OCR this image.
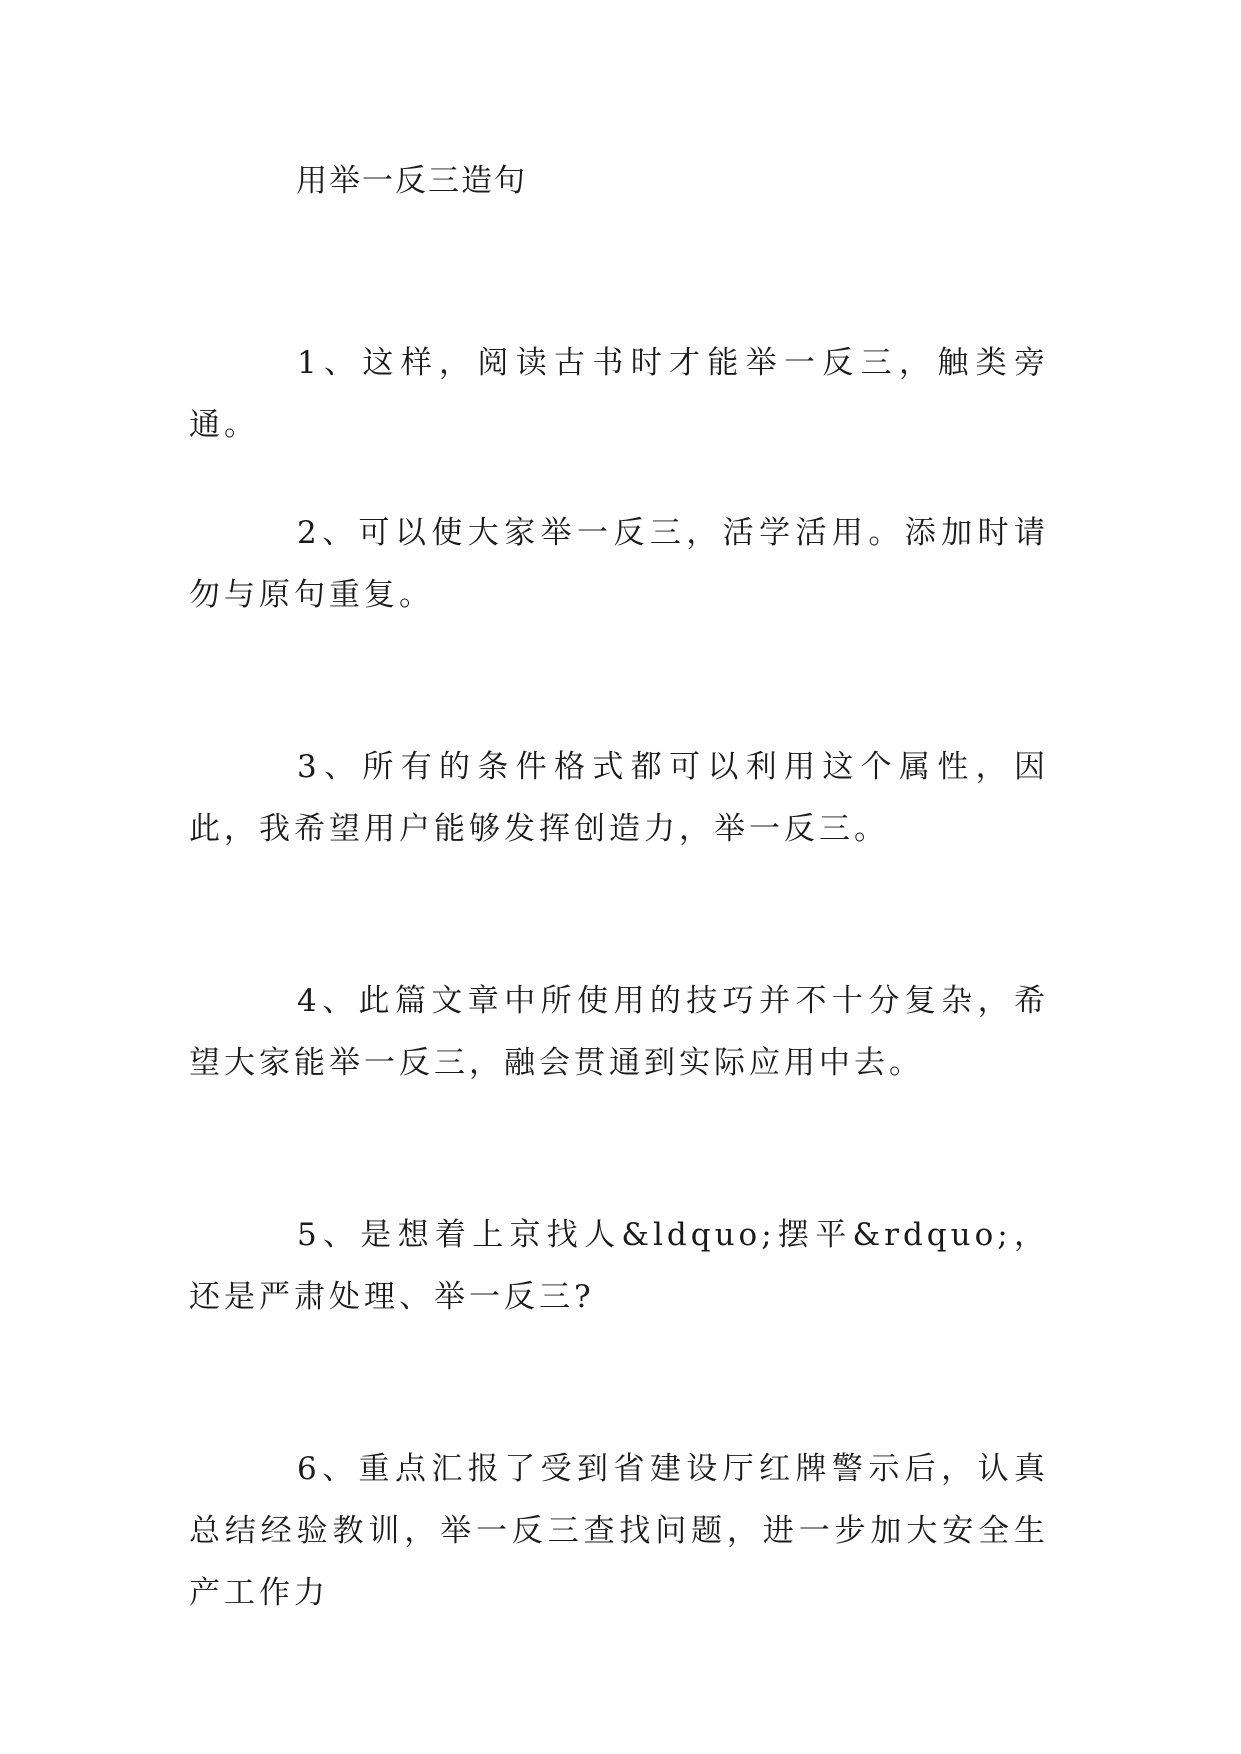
用举一反三造句

1、这样，阅读古书时才能举一反三，触类旁通。

2、可以使大家举一反三，活学活用。添加时请勿与原句重复。

3、所有的条件格式都可以利用这个属性，因此，我希望用户能够发挥创造力，举一反三。

4、此篇文章中所使用的技巧并不十分复杂，希望大家能举一反三，融会贯通到实际应用中去。

5、是想着上京找人&ldquo;摆平&rdquo;，还是严肃处理、举一反三?

6、重点汇报了受到省建设厅红牌警示后，认真总结经验教训，举一反三查找问题，进一步加大安全生产工作力
